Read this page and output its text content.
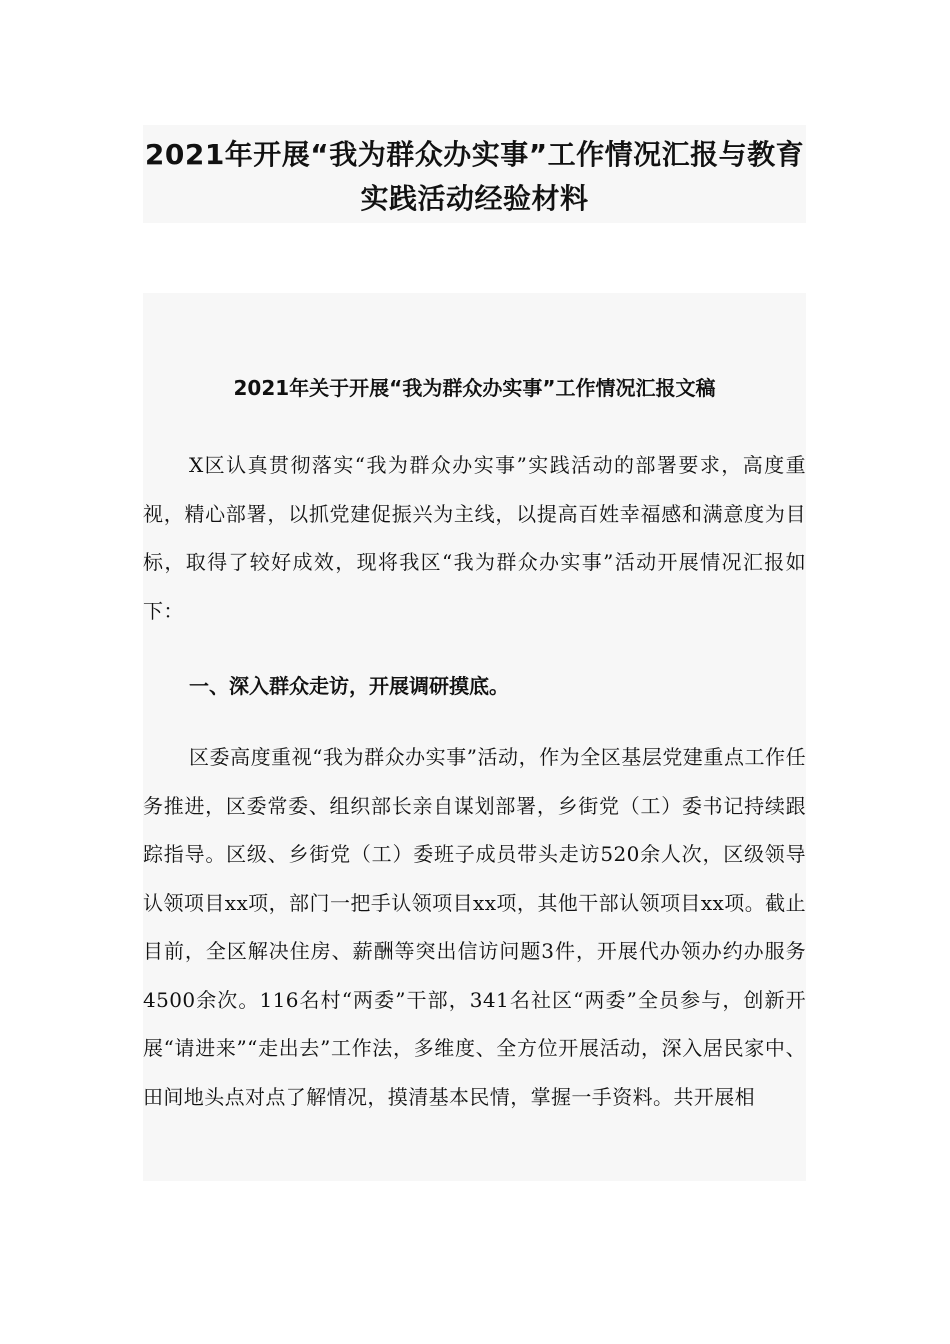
2021年开展“我为群众办实事”工作情况汇报与教育实践活动经验材料
2021年关于开展“我为群众办实事”工作情况汇报文稿

X区认真贯彻落实“我为群众办实事”实践活动的部署要求，高度重视，精心部署，以抓党建促振兴为主线，以提高百姓幸福感和满意度为目标，取得了较好成效，现将我区“我为群众办实事”活动开展情况汇报如下：

一、深入群众走访，开展调研摸底。

区委高度重视“我为群众办实事”活动，作为全区基层党建重点工作任务推进，区委常委、组织部长亲自谋划部署，乡街党（工）委书记持续跟踪指导。区级、乡街党（工）委班子成员带头走访520余人次，区级领导认领项目xx项，部门一把手认领项目xx项，其他干部认领项目xx项。截止目前，全区解决住房、薪酬等突出信访问题3件，开展代办领办约办服务4500余次。116名村“两委”干部，341名社区“两委”全员参与，创新开展“请进来”“走出去”工作法，多维度、全方位开展活动，深入居民家中、田间地头点对点了解情况，摸清基本民情，掌握一手资料。共开展相
